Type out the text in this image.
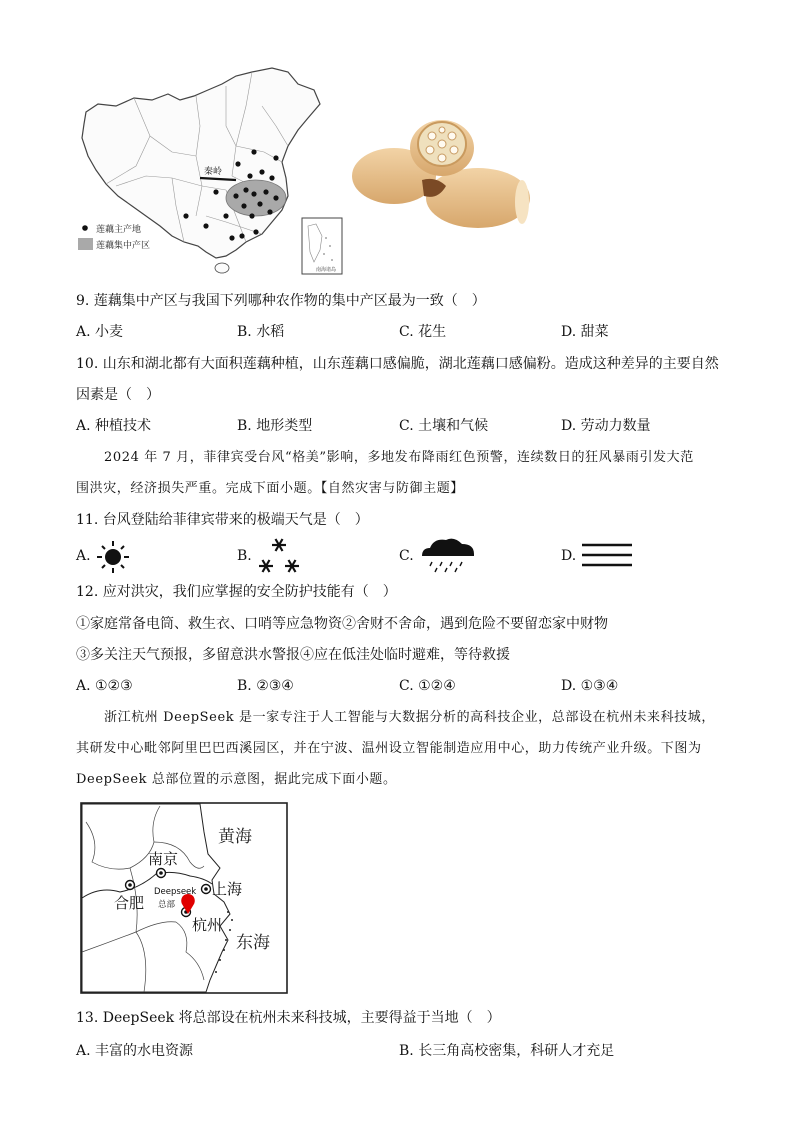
秦岭
莲藕主产地
莲藕集中产区
南海诸岛
9. 莲藕集中产区与我国下列哪种农作物的集中产区最为一致（　）
A. 小麦	B. 水稻	C. 花生	D. 甜菜
10. 山东和湖北都有大面积莲藕种植，山东莲藕口感偏脆，湖北莲藕口感偏粉。造成这种差异的主要自然
因素是（　）
A. 种植技术	B. 地形类型	C. 土壤和气候	D. 劳动力数量
2024 年 7 月，菲律宾受台风“格美”影响，多地发布降雨红色预警，连续数日的狂风暴雨引发大范
围洪灾，经济损失严重。完成下面小题。【自然灾害与防御主题】
11. 台风登陆给菲律宾带来的极端天气是（　）
A.	B.	C.	D.
12. 应对洪灾，我们应掌握的安全防护技能有（　）
①家庭常备电筒、救生衣、口哨等应急物资②舍财不舍命，遇到危险不要留恋家中财物
③多关注天气预报，多留意洪水警报④应在低洼处临时避难，等待救援
A. ①②③	B. ②③④	C. ①②④	D. ①③④
浙江杭州 DeepSeek 是一家专注于人工智能与大数据分析的高科技企业，总部设在杭州未来科技城，
其研发中心毗邻阿里巴巴西溪园区，并在宁波、温州设立智能制造应用中心，助力传统产业升级。下图为
DeepSeek 总部位置的示意图，据此完成下面小题。
黄海
东海
南京
合肥
上海
杭州
Deepseek
总部
13. DeepSeek 将总部设在杭州未来科技城，主要得益于当地（　）
A. 丰富的水电资源	B. 长三角高校密集，科研人才充足
